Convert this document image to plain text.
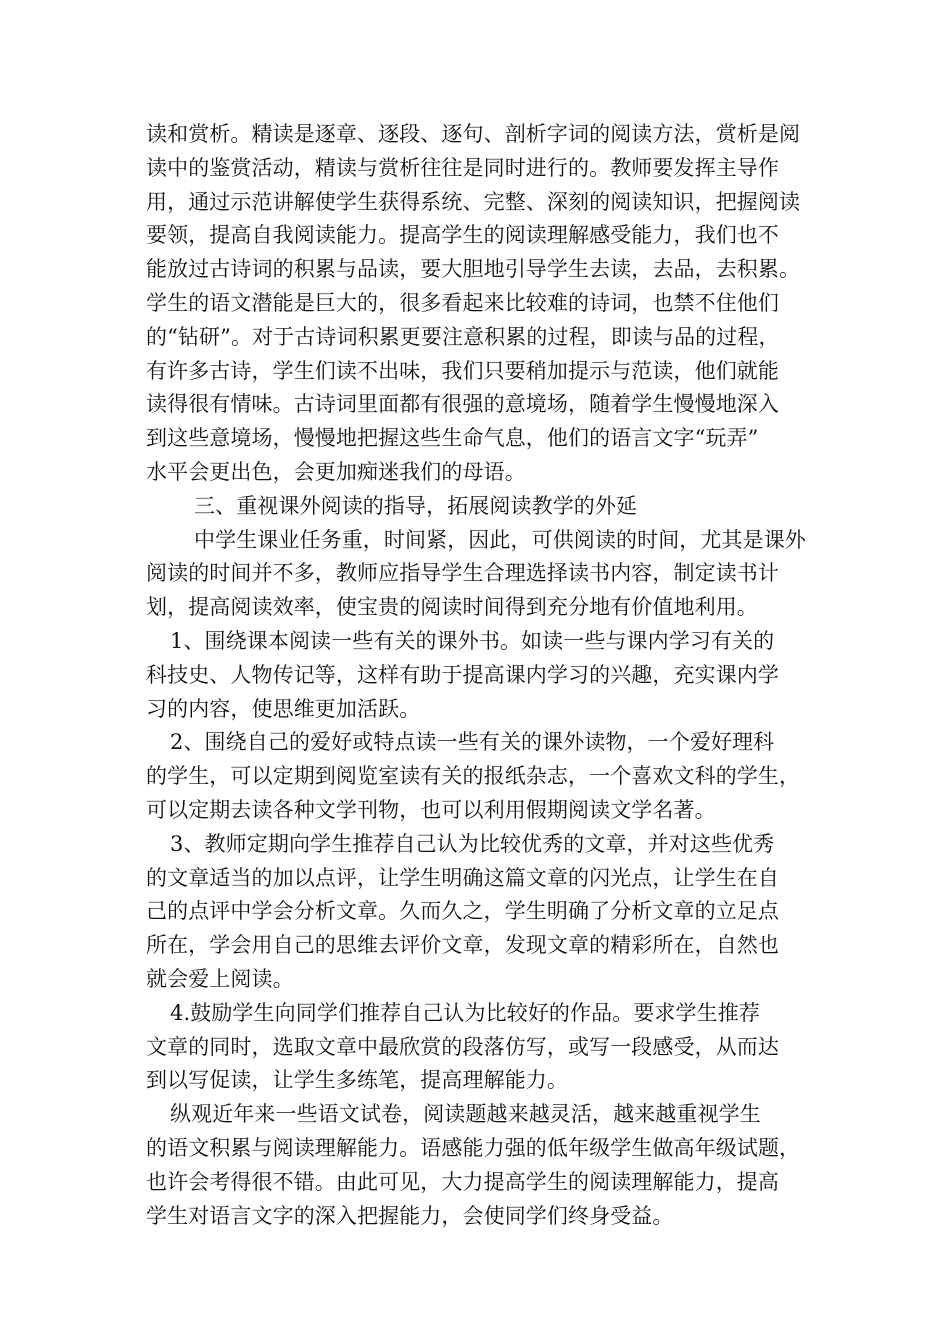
读和赏析。精读是逐章、逐段、逐句、剖析字词的阅读方法，赏析是阅
读中的鉴赏活动，精读与赏析往往是同时进行的。教师要发挥主导作
用，通过示范讲解使学生获得系统、完整、深刻的阅读知识，把握阅读
要领，提高自我阅读能力。提高学生的阅读理解感受能力，我们也不
能放过古诗词的积累与品读，要大胆地引导学生去读，去品，去积累。
学生的语文潜能是巨大的，很多看起来比较难的诗词，也禁不住他们
的“钻研”。对于古诗词积累更要注意积累的过程，即读与品的过程，
有许多古诗，学生们读不出味，我们只要稍加提示与范读，他们就能
读得很有情味。古诗词里面都有很强的意境场，随着学生慢慢地深入
到这些意境场，慢慢地把握这些生命气息，他们的语言文字“玩弄”
水平会更出色，会更加痴迷我们的母语。
三、重视课外阅读的指导，拓展阅读教学的外延
中学生课业任务重，时间紧，因此，可供阅读的时间，尤其是课外
阅读的时间并不多，教师应指导学生合理选择读书内容，制定读书计
划，提高阅读效率，使宝贵的阅读时间得到充分地有价值地利用。
1、围绕课本阅读一些有关的课外书。如读一些与课内学习有关的
科技史、人物传记等，这样有助于提高课内学习的兴趣，充实课内学
习的内容，使思维更加活跃。
2、围绕自己的爱好或特点读一些有关的课外读物，一个爱好理科
的学生，可以定期到阅览室读有关的报纸杂志，一个喜欢文科的学生，
可以定期去读各种文学刊物，也可以利用假期阅读文学名著。
3、教师定期向学生推荐自己认为比较优秀的文章，并对这些优秀
的文章适当的加以点评，让学生明确这篇文章的闪光点，让学生在自
己的点评中学会分析文章。久而久之，学生明确了分析文章的立足点
所在，学会用自己的思维去评价文章，发现文章的精彩所在，自然也
就会爱上阅读。
4.鼓励学生向同学们推荐自己认为比较好的作品。要求学生推荐
文章的同时，选取文章中最欣赏的段落仿写，或写一段感受，从而达
到以写促读，让学生多练笔，提高理解能力。
纵观近年来一些语文试卷，阅读题越来越灵活，越来越重视学生
的语文积累与阅读理解能力。语感能力强的低年级学生做高年级试题，
也许会考得很不错。由此可见，大力提高学生的阅读理解能力，提高
学生对语言文字的深入把握能力，会使同学们终身受益。
